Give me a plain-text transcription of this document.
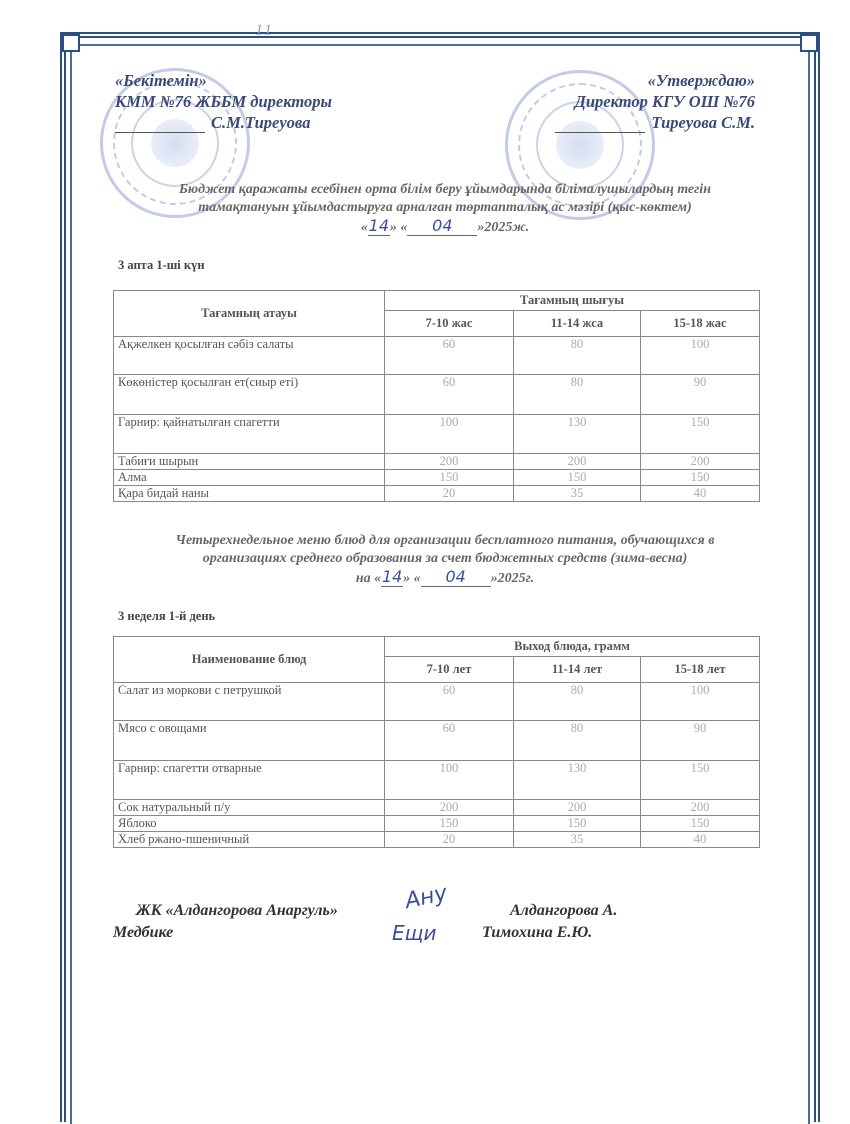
11
«Бекітемін»
КММ №76 ЖББМ директоры
С.М.Тиреуова
«Утверждаю»
Директор КГУ ОШ №76
Тиреуова С.М.
Бюджет қаражаты есебінен орта білім беру ұйымдарында білімалушылардың тегін
тамақтануын ұйымдастыруға арналған төртапталық ас мәзірі (қыс-көктем)
«14» « 04 »2025ж.
3 апта 1-ші күн
Тағамның атауы	Тағамның шығуы		
	7-10 жас	11-14 жса	15-18 жас
Ақжелкен қосылған сәбіз салаты	60	80	100
Көкөністер қосылған ет(сиыр еті)	60	80	90
Гарнир: қайнатылған спагетти	100	130	150
Табиғи шырын	200	200	200
Алма	150	150	150
Қара бидай наны	20	35	40
Четырехнедельное меню блюд для организации бесплатного питания, обучающихся в
организациях среднего образования за счет бюджетных средств (зима-весна)
на «14» « 04 »2025г.
3 неделя 1-й день
Наименование блюд	Выход блюда, грамм		
	7-10 лет	11-14 лет	15-18 лет
Салат из моркови с петрушкой	60	80	100
Мясо с овощами	60	80	90
Гарнир: спагетти отварные	100	130	150
Сок натуральный п/у	200	200	200
Яблоко	150	150	150
Хлеб ржано-пшеничный	20	35	40
ЖК «Алдангорова Анаргуль»	Алдангорова А.
Медбике	Тимохина Е.Ю.
Ану
Ещи
